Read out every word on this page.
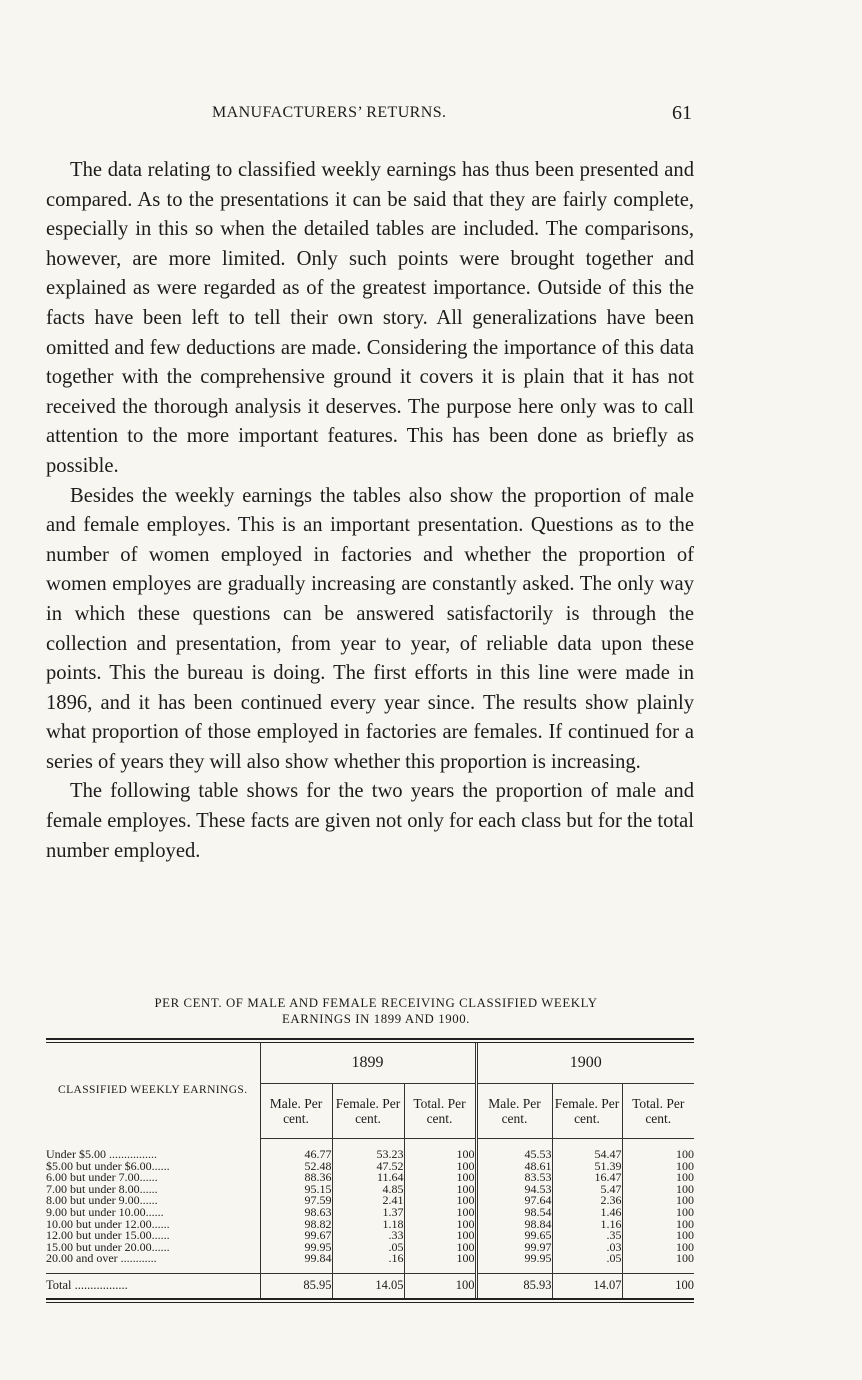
MANUFACTURERS’ RETURNS.	61

The data relating to classified weekly earnings has thus been presented and compared. As to the presentations it can be said that they are fairly complete, especially in this so when the detailed tables are included. The comparisons, however, are more limited. Only such points were brought together and explained as were regarded as of the greatest importance. Outside of this the facts have been left to tell their own story. All generalizations have been omitted and few deductions are made. Considering the importance of this data together with the comprehensive ground it covers it is plain that it has not received the thorough analysis it deserves. The purpose here only was to call attention to the more important features. This has been done as briefly as possible.

Besides the weekly earnings the tables also show the proportion of male and female employes. This is an important presentation. Questions as to the number of women employed in factories and whether the proportion of women employes are gradually increasing are constantly asked. The only way in which these questions can be answered satisfactorily is through the collection and presentation, from year to year, of reliable data upon these points. This the bureau is doing. The first efforts in this line were made in 1896, and it has been continued every year since. The results show plainly what proportion of those employed in factories are females. If continued for a series of years they will also show whether this proportion is increasing.

The following table shows for the two years the proportion of male and female employes. These facts are given not only for each class but for the total number employed.

PER CENT. OF MALE AND FEMALE RECEIVING CLASSIFIED WEEKLY
EARNINGS IN 1899 AND 1900.
CLASSIFIED WEEKLY EARNINGS.	1899			1900		
	Male. Per cent.	Female. Per cent.	Total. Per cent.	Male. Per cent.	Female. Per cent.	Total. Per cent.
Under $5.00 ................	46.77	53.23	100	45.53	54.47	100
$5.00 but under $6.00......	52.48	47.52	100	48.61	51.39	100
6.00 but under 7.00......	88.36	11.64	100	83.53	16.47	100
7.00 but under 8.00......	95.15	4.85	100	94.53	5.47	100
8.00 but under 9.00......	97.59	2.41	100	97.64	2.36	100
9.00 but under 10.00......	98.63	1.37	100	98.54	1.46	100
10.00 but under 12.00......	98.82	1.18	100	98.84	1.16	100
12.00 but under 15.00......	99.67	.33	100	99.65	.35	100
15.00 but under 20.00......	99.95	.05	100	99.97	.03	100
20.00 and over ............	99.84	.16	100	99.95	.05	100
Total .................	85.95	14.05	100	85.93	14.07	100
